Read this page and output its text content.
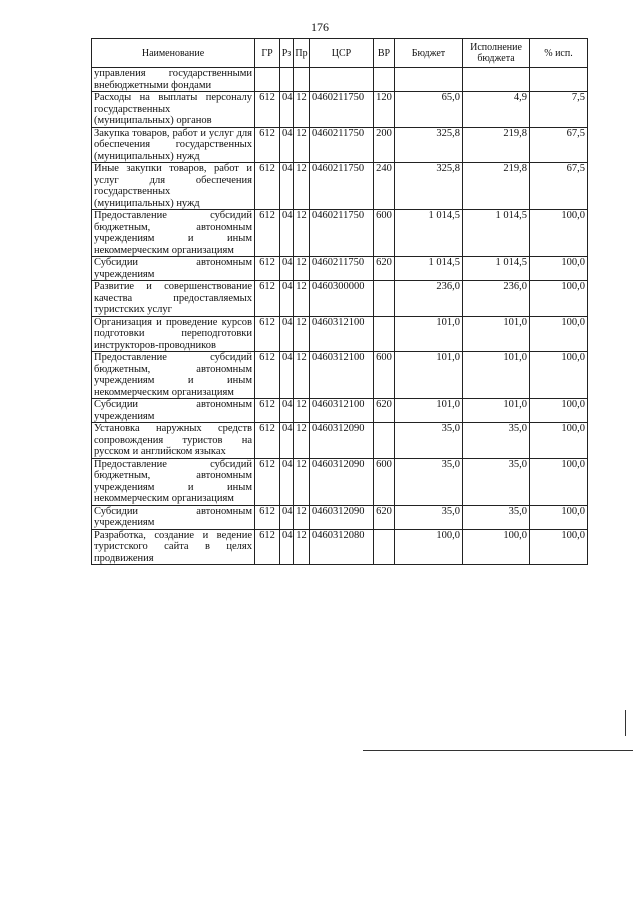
176
Наименование	ГР	Рз	Пр	ЦСР	ВР	Бюджет	Исполнение бюджета	% исп.
управления государственными внебюджетными фондами								
Расходы на выплаты персоналу государственных (муниципальных) органов	612	04	12	0460211750	120	65,0	4,9	7,5
Закупка товаров, работ и услуг для обеспечения государственных (муниципальных) нужд	612	04	12	0460211750	200	325,8	219,8	67,5
Иные закупки товаров, работ и услуг для обеспечения государственных (муниципальных) нужд	612	04	12	0460211750	240	325,8	219,8	67,5
Предоставление субсидий бюджетным, автономным учреждениям и иным некоммерческим организациям	612	04	12	0460211750	600	1 014,5	1 014,5	100,0
Субсидии автономным учреждениям	612	04	12	0460211750	620	1 014,5	1 014,5	100,0
Развитие и совершенствование качества предоставляемых туристских услуг	612	04	12	0460300000		236,0	236,0	100,0
Организация и проведение курсов подготовки переподготовки инструкторов-проводников	612	04	12	0460312100		101,0	101,0	100,0
Предоставление субсидий бюджетным, автономным учреждениям и иным некоммерческим организациям	612	04	12	0460312100	600	101,0	101,0	100,0
Субсидии автономным учреждениям	612	04	12	0460312100	620	101,0	101,0	100,0
Установка наружных средств сопровождения туристов на русском и английском языках	612	04	12	0460312090		35,0	35,0	100,0
Предоставление субсидий бюджетным, автономным учреждениям и иным некоммерческим организациям	612	04	12	0460312090	600	35,0	35,0	100,0
Субсидии автономным учреждениям	612	04	12	0460312090	620	35,0	35,0	100,0
Разработка, создание и ведение туристского сайта в целях продвижения	612	04	12	0460312080		100,0	100,0	100,0
